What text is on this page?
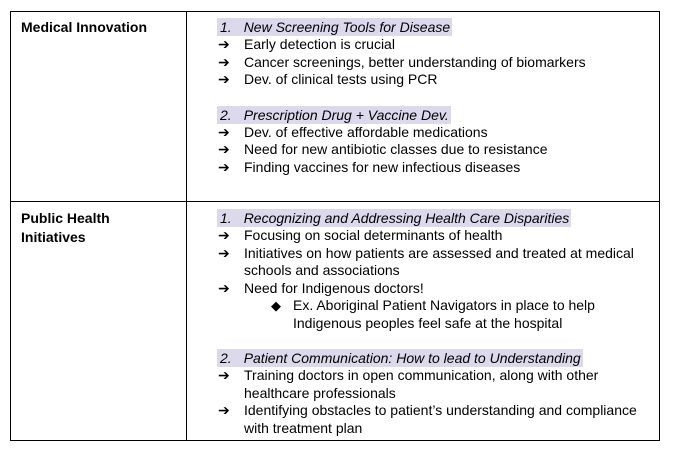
Medical Innovation	1. New Screening Tools for Disease
➔ Early detection is crucial
➔ Cancer screenings, better understanding of biomarkers
➔ Dev. of clinical tests using PCR
2. Prescription Drug + Vaccine Dev.
➔ Dev. of effective affordable medications
➔ Need for new antibiotic classes due to resistance
➔ Finding vaccines for new infectious diseases
Public Health Initiatives
1. Recognizing and Addressing Health Care Disparities
➔ Focusing on social determinants of health
➔ Initiatives on how patients are assessed and treated at medical schools and associations
➔ Need for Indigenous doctors!
◆ Ex. Aboriginal Patient Navigators in place to help Indigenous peoples feel safe at the hospital
2. Patient Communication: How to lead to Understanding
➔ Training doctors in open communication, along with other healthcare professionals
➔ Identifying obstacles to patient’s understanding and compliance with treatment plan
